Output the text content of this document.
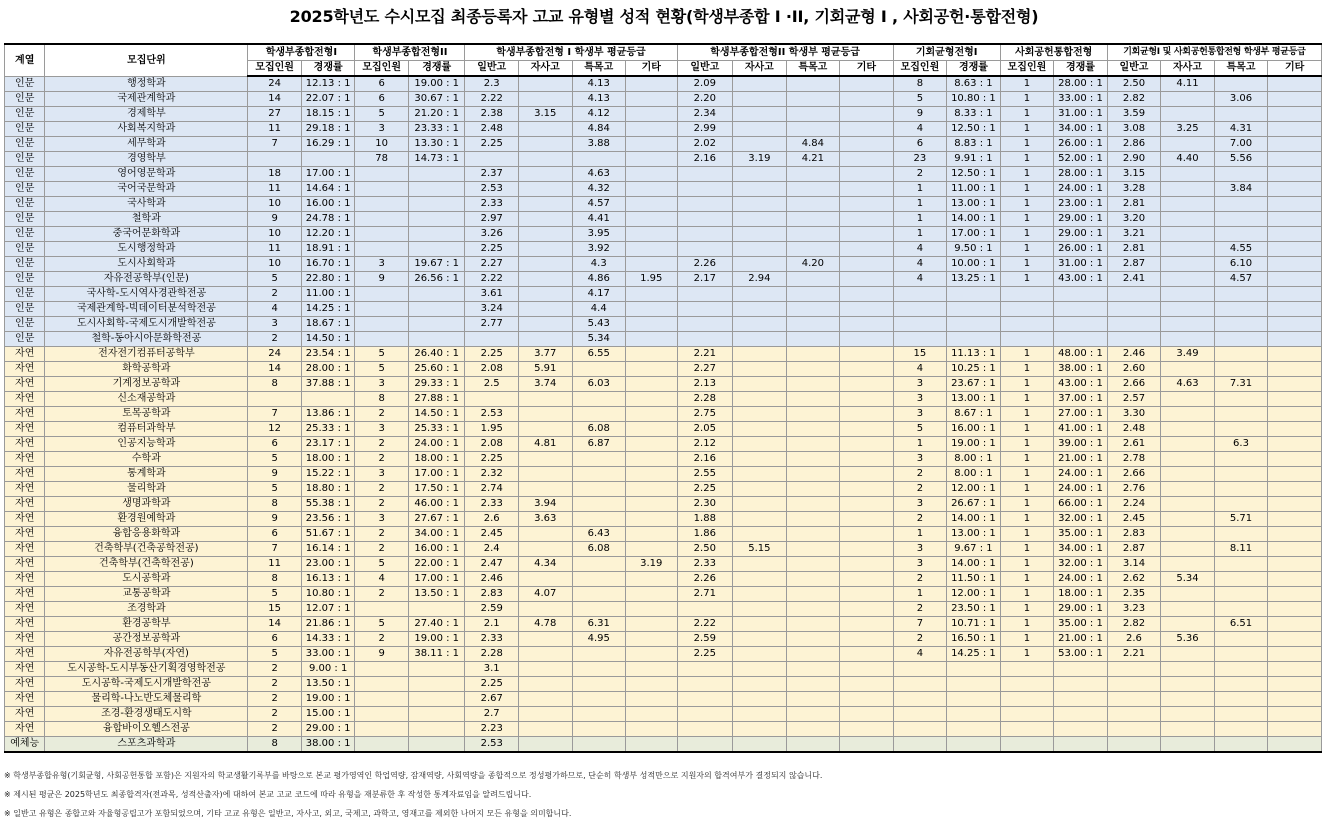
2025학년도 수시모집 최종등록자 고교 유형별 성적 현황(학생부종합 I ·II, 기회균형 I , 사회공헌·통합전형)
계열	모집단위	학생부종합전형I		학생부종합전형II		학생부종합전형 I 학생부 평균등급				학생부종합전형II 학생부 평균등급				기회균형전형I		사회공헌통합전형		기회균형I 및 사회공헌통합전형 학생부 평균등급			
		모집인원	경쟁률	모집인원	경쟁률	일반고	자사고	특목고	기타	일반고	자사고	특목고	기타	모집인원	경쟁률	모집인원	경쟁률	일반고	자사고	특목고	기타
인문	행정학과	24	12.13 : 1	6	19.00 : 1	2.3		4.13		2.09				8	8.63 : 1	1	28.00 : 1	2.50	4.11		
인문	국제관계학과	14	22.07 : 1	6	30.67 : 1	2.22		4.13		2.20				5	10.80 : 1	1	33.00 : 1	2.82		3.06	
인문	경제학부	27	18.15 : 1	5	21.20 : 1	2.38	3.15	4.12		2.34				9	8.33 : 1	1	31.00 : 1	3.59			
인문	사회복지학과	11	29.18 : 1	3	23.33 : 1	2.48		4.84		2.99				4	12.50 : 1	1	34.00 : 1	3.08	3.25	4.31	
인문	세무학과	7	16.29 : 1	10	13.30 : 1	2.25		3.88		2.02		4.84		6	8.83 : 1	1	26.00 : 1	2.86		7.00	
인문	경영학부			78	14.73 : 1					2.16	3.19	4.21		23	9.91 : 1	1	52.00 : 1	2.90	4.40	5.56	
인문	영어영문학과	18	17.00 : 1			2.37		4.63						2	12.50 : 1	1	28.00 : 1	3.15			
인문	국어국문학과	11	14.64 : 1			2.53		4.32						1	11.00 : 1	1	24.00 : 1	3.28		3.84	
인문	국사학과	10	16.00 : 1			2.33		4.57						1	13.00 : 1	1	23.00 : 1	2.81			
인문	철학과	9	24.78 : 1			2.97		4.41						1	14.00 : 1	1	29.00 : 1	3.20			
인문	중국어문화학과	10	12.20 : 1			3.26		3.95						1	17.00 : 1	1	29.00 : 1	3.21			
인문	도시행정학과	11	18.91 : 1			2.25		3.92						4	9.50 : 1	1	26.00 : 1	2.81		4.55	
인문	도시사회학과	10	16.70 : 1	3	19.67 : 1	2.27		4.3		2.26		4.20		4	10.00 : 1	1	31.00 : 1	2.87		6.10	
인문	자유전공학부(인문)	5	22.80 : 1	9	26.56 : 1	2.22		4.86	1.95	2.17	2.94			4	13.25 : 1	1	43.00 : 1	2.41		4.57	
인문	국사학-도시역사경관학전공	2	11.00 : 1			3.61		4.17													
인문	국제관계학-빅데이터분석학전공	4	14.25 : 1			3.24		4.4													
인문	도시사회학-국제도시개발학전공	3	18.67 : 1			2.77		5.43													
인문	철학-동아시아문화학전공	2	14.50 : 1					5.34													
자연	전자전기컴퓨터공학부	24	23.54 : 1	5	26.40 : 1	2.25	3.77	6.55		2.21				15	11.13 : 1	1	48.00 : 1	2.46	3.49		
자연	화학공학과	14	28.00 : 1	5	25.60 : 1	2.08	5.91			2.27				4	10.25 : 1	1	38.00 : 1	2.60			
자연	기계정보공학과	8	37.88 : 1	3	29.33 : 1	2.5	3.74	6.03		2.13				3	23.67 : 1	1	43.00 : 1	2.66	4.63	7.31	
자연	신소재공학과			8	27.88 : 1					2.28				3	13.00 : 1	1	37.00 : 1	2.57			
자연	토목공학과	7	13.86 : 1	2	14.50 : 1	2.53				2.75				3	8.67 : 1	1	27.00 : 1	3.30			
자연	컴퓨터과학부	12	25.33 : 1	3	25.33 : 1	1.95		6.08		2.05				5	16.00 : 1	1	41.00 : 1	2.48			
자연	인공지능학과	6	23.17 : 1	2	24.00 : 1	2.08	4.81	6.87		2.12				1	19.00 : 1	1	39.00 : 1	2.61		6.3	
자연	수학과	5	18.00 : 1	2	18.00 : 1	2.25				2.16				3	8.00 : 1	1	21.00 : 1	2.78			
자연	통계학과	9	15.22 : 1	3	17.00 : 1	2.32				2.55				2	8.00 : 1	1	24.00 : 1	2.66			
자연	물리학과	5	18.80 : 1	2	17.50 : 1	2.74				2.25				2	12.00 : 1	1	24.00 : 1	2.76			
자연	생명과학과	8	55.38 : 1	2	46.00 : 1	2.33	3.94			2.30				3	26.67 : 1	1	66.00 : 1	2.24			
자연	환경원예학과	9	23.56 : 1	3	27.67 : 1	2.6	3.63			1.88				2	14.00 : 1	1	32.00 : 1	2.45		5.71	
자연	융합응용화학과	6	51.67 : 1	2	34.00 : 1	2.45		6.43		1.86				1	13.00 : 1	1	35.00 : 1	2.83			
자연	건축학부(건축공학전공)	7	16.14 : 1	2	16.00 : 1	2.4		6.08		2.50	5.15			3	9.67 : 1	1	34.00 : 1	2.87		8.11	
자연	건축학부(건축학전공)	11	23.00 : 1	5	22.00 : 1	2.47	4.34		3.19	2.33				3	14.00 : 1	1	32.00 : 1	3.14			
자연	도시공학과	8	16.13 : 1	4	17.00 : 1	2.46				2.26				2	11.50 : 1	1	24.00 : 1	2.62	5.34		
자연	교통공학과	5	10.80 : 1	2	13.50 : 1	2.83	4.07			2.71				1	12.00 : 1	1	18.00 : 1	2.35			
자연	조경학과	15	12.07 : 1			2.59								2	23.50 : 1	1	29.00 : 1	3.23			
자연	환경공학부	14	21.86 : 1	5	27.40 : 1	2.1	4.78	6.31		2.22				7	10.71 : 1	1	35.00 : 1	2.82		6.51	
자연	공간정보공학과	6	14.33 : 1	2	19.00 : 1	2.33		4.95		2.59				2	16.50 : 1	1	21.00 : 1	2.6	5.36		
자연	자유전공학부(자연)	5	33.00 : 1	9	38.11 : 1	2.28				2.25				4	14.25 : 1	1	53.00 : 1	2.21			
자연	도시공학-도시부동산기획경영학전공	2	9.00 : 1			3.1															
자연	도시공학-국제도시개발학전공	2	13.50 : 1			2.25															
자연	물리학-나노반도체물리학	2	19.00 : 1			2.67															
자연	조경-환경생태도시학	2	15.00 : 1			2.7															
자연	융합바이오헬스전공	2	29.00 : 1			2.23															
예체능	스포츠과학과	8	38.00 : 1			2.53															
※ 학생부종합유형(기회균형, 사회공헌통합 포함)은 지원자의 학교생활기록부를 바탕으로 본교 평가영역인 학업역량, 잠재역량, 사회역량을 종합적으로 정성평가하므로, 단순히 학생부 성적만으로 지원자의 합격여부가 결정되지 않습니다.
※ 제시된 평균은 2025학년도 최종합격자(전과목, 성적산출자)에 대하여 본교 고교 코드에 따라 유형을 재분류한 후 작성한 통계자료임을 알려드립니다.
※ 일반고 유형은 종합고와 자율형공립고가 포함되었으며, 기타 고교 유형은 일반고, 자사고, 외고, 국제고, 과학고, 영재고를 제외한 나머지 모든 유형을 의미합니다.
